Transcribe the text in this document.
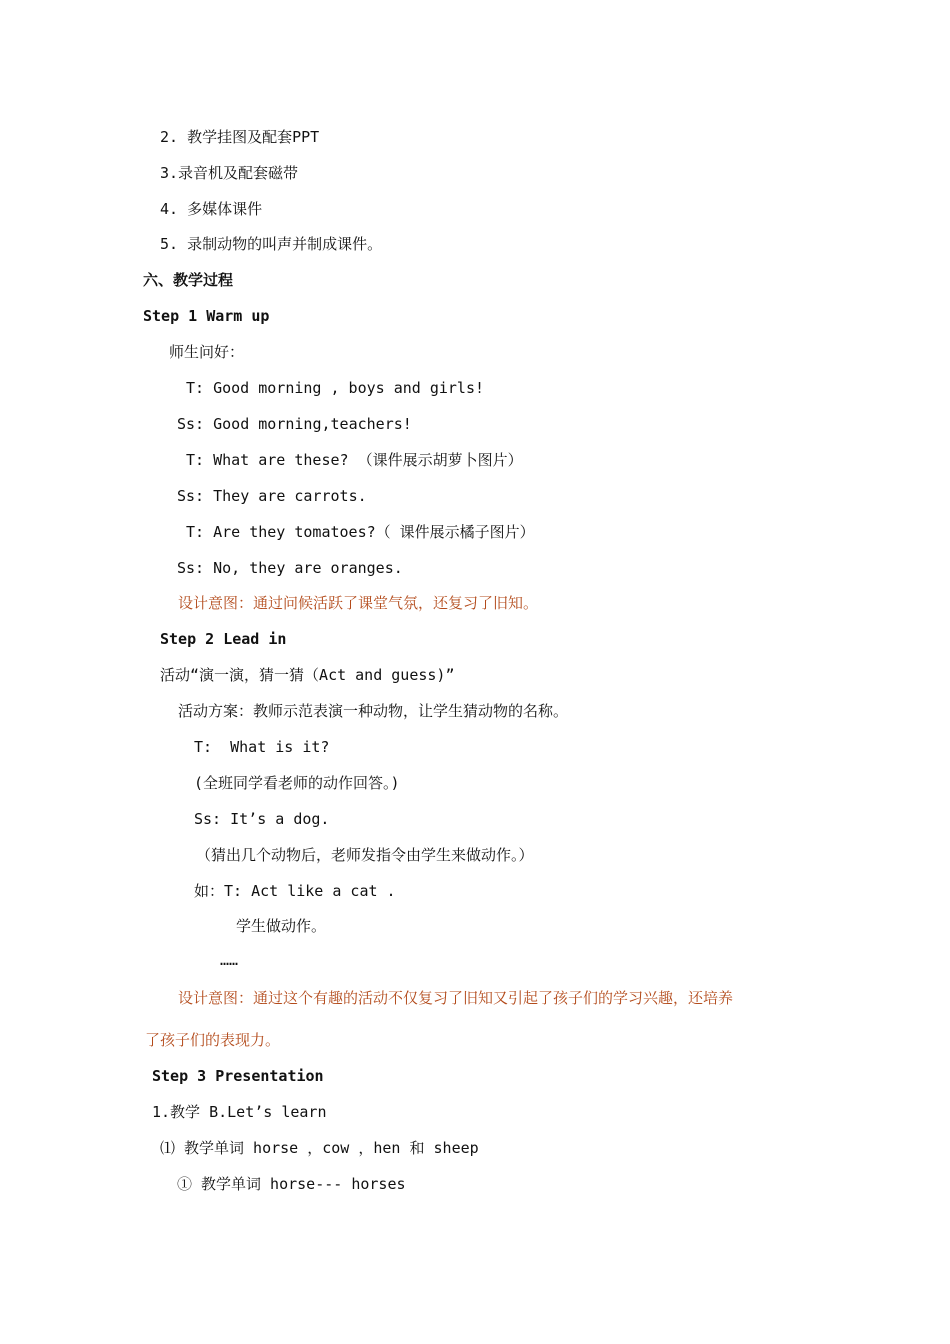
2. 教学挂图及配套PPT
3.录音机及配套磁带
4. 多媒体课件
5. 录制动物的叫声并制成课件。
六、教学过程
Step 1 Warm up
师生问好：
T: Good morning , boys and girls!
Ss: Good morning,teachers!
T: What are these? （课件展示胡萝卜图片）
Ss: They are carrots.
T: Are they tomatoes?（ 课件展示橘子图片）
Ss: No, they are oranges.
设计意图：通过问候活跃了课堂气氛，还复习了旧知。
Step 2 Lead in
活动“演一演，猜一猜（Act and guess)”
活动方案：教师示范表演一种动物，让学生猜动物的名称。
T:  What is it?
(全班同学看老师的动作回答。)
Ss: It’s a dog.
（猜出几个动物后，老师发指令由学生来做动作。）
如：T: Act like a cat .
学生做动作。
……
设计意图：通过这个有趣的活动不仅复习了旧知又引起了孩子们的学习兴趣，还培养
了孩子们的表现力。
Step 3 Presentation
1.教学 B.Let’s learn
⑴ 教学单词 horse ，cow ，hen 和 sheep
① 教学单词 horse--- horses
